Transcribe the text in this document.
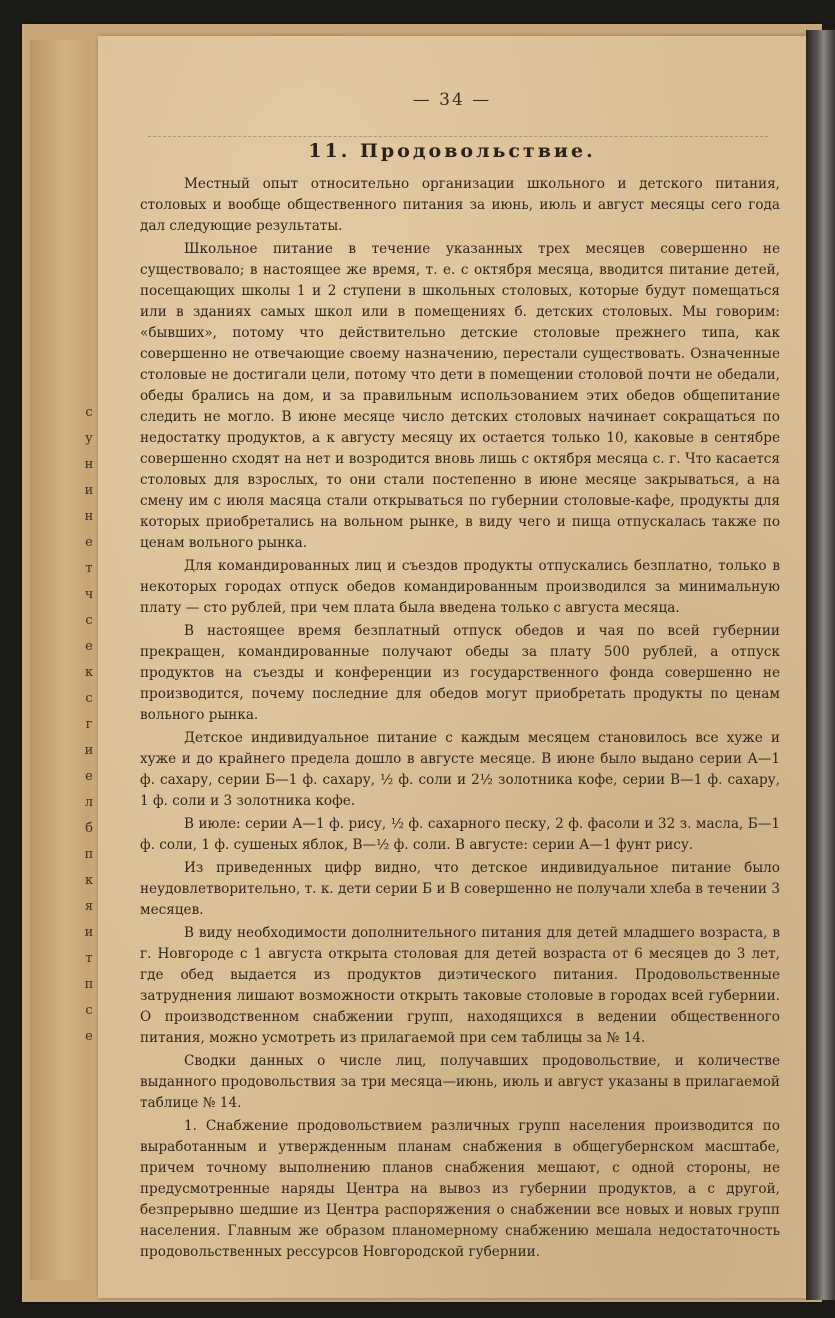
с
у
н
и
н
е
т
ч
с
е
к
с
г
и
е
л
б
п
к
я
и
т
п
с
е
— 34 —
11. Продовольствие.

Местный опыт относительно организации школьного и детского питания, столовых и вообще общественного питания за июнь, июль и август месяцы сего года дал следующие результаты.

Школьное питание в течение указанных трех месяцев совершенно не существовало; в настоящее же время, т. е. с октября месяца, вводится питание детей, посещающих школы 1 и 2 ступени в школьных столовых, которые будут помещаться или в зданиях самых школ или в помещениях б. детских столовых. Мы говорим: «бывших», потому что действительно детские столовые прежнего типа, как совершенно не отвечающие своему назначению, перестали существовать. Означенные столовые не достигали цели, потому что дети в помещении столовой почти не обедали, обеды брались на дом, и за правильным использованием этих обедов общепитание следить не могло. В июне месяце число детских столовых начинает сокращаться по недостатку продуктов, а к августу месяцу их остается только 10, каковые в сентябре совершенно сходят на нет и возродится вновь лишь с октября месяца с. г. Что касается столовых для взрослых, то они стали постепенно в июне месяце закрываться, а на смену им с июля масяца стали открываться по губернии столовые-кафе, продукты для которых приобретались на вольном рынке, в виду чего и пища отпускалась также по ценам вольного рынка.

Для командированных лиц и съездов продукты отпускались безплатно, только в некоторых городах отпуск обедов командированным производился за минимальную плату — сто рублей, при чем плата была введена только с августа месяца.

В настоящее время безплатный отпуск обедов и чая по всей губернии прекращен, командированные получают обеды за плату 500 рублей, а отпуск продуктов на съезды и конференции из государственного фонда совершенно не производится, почему последние для обедов могут приобретать продукты по ценам вольного рынка.

Детское индивидуальное питание с каждым месяцем становилось все хуже и хуже и до крайнего предела дошло в августе месяце. В июне было выдано серии А—1 ф. сахару, серии Б—1 ф. сахару, ½ ф. соли и 2½ золотника кофе, серии В—1 ф. сахару, 1 ф. соли и 3 золотника кофе.

В июле: серии А—1 ф. рису, ½ ф. сахарного песку, 2 ф. фасоли и 32 з. масла, Б—1 ф. соли, 1 ф. сушеных яблок, В—½ ф. соли. В августе: серии А—1 фунт рису.

Из приведенных цифр видно, что детское индивидуальное питание было неудовлетворительно, т. к. дети серии Б и В совершенно не получали хлеба в течении 3 месяцев.

В виду необходимости дополнительного питания для детей младшего возраста, в г. Новгороде с 1 августа открыта столовая для детей возраста от 6 месяцев до 3 лет, где обед выдается из продуктов диэтического питания. Продовольственные затруднения лишают возможности открыть таковые столовые в городах всей губернии. О производственном снабжении групп, находящихся в ведении общественного питания, можно усмотреть из прилагаемой при сем таблицы за № 14.

Сводки данных о числе лиц, получавших продовольствие, и количестве выданного продовольствия за три месяца—июнь, июль и август указаны в прилагаемой таблице № 14.

1. Снабжение продовольствием различных групп населения производится по выработанным и утвержденным планам снабжения в общегубернском масштабе, причем точному выполнению планов снабжения мешают, с одной стороны, не предусмотренные наряды Центра на вывоз из губернии продуктов, а с другой, безпрерывно шедшие из Центра распоряжения о снабжении все новых и новых групп населения. Главным же образом планомерному снабжению мешала недостаточность продовольственных рессурсов Новгородской губернии.
